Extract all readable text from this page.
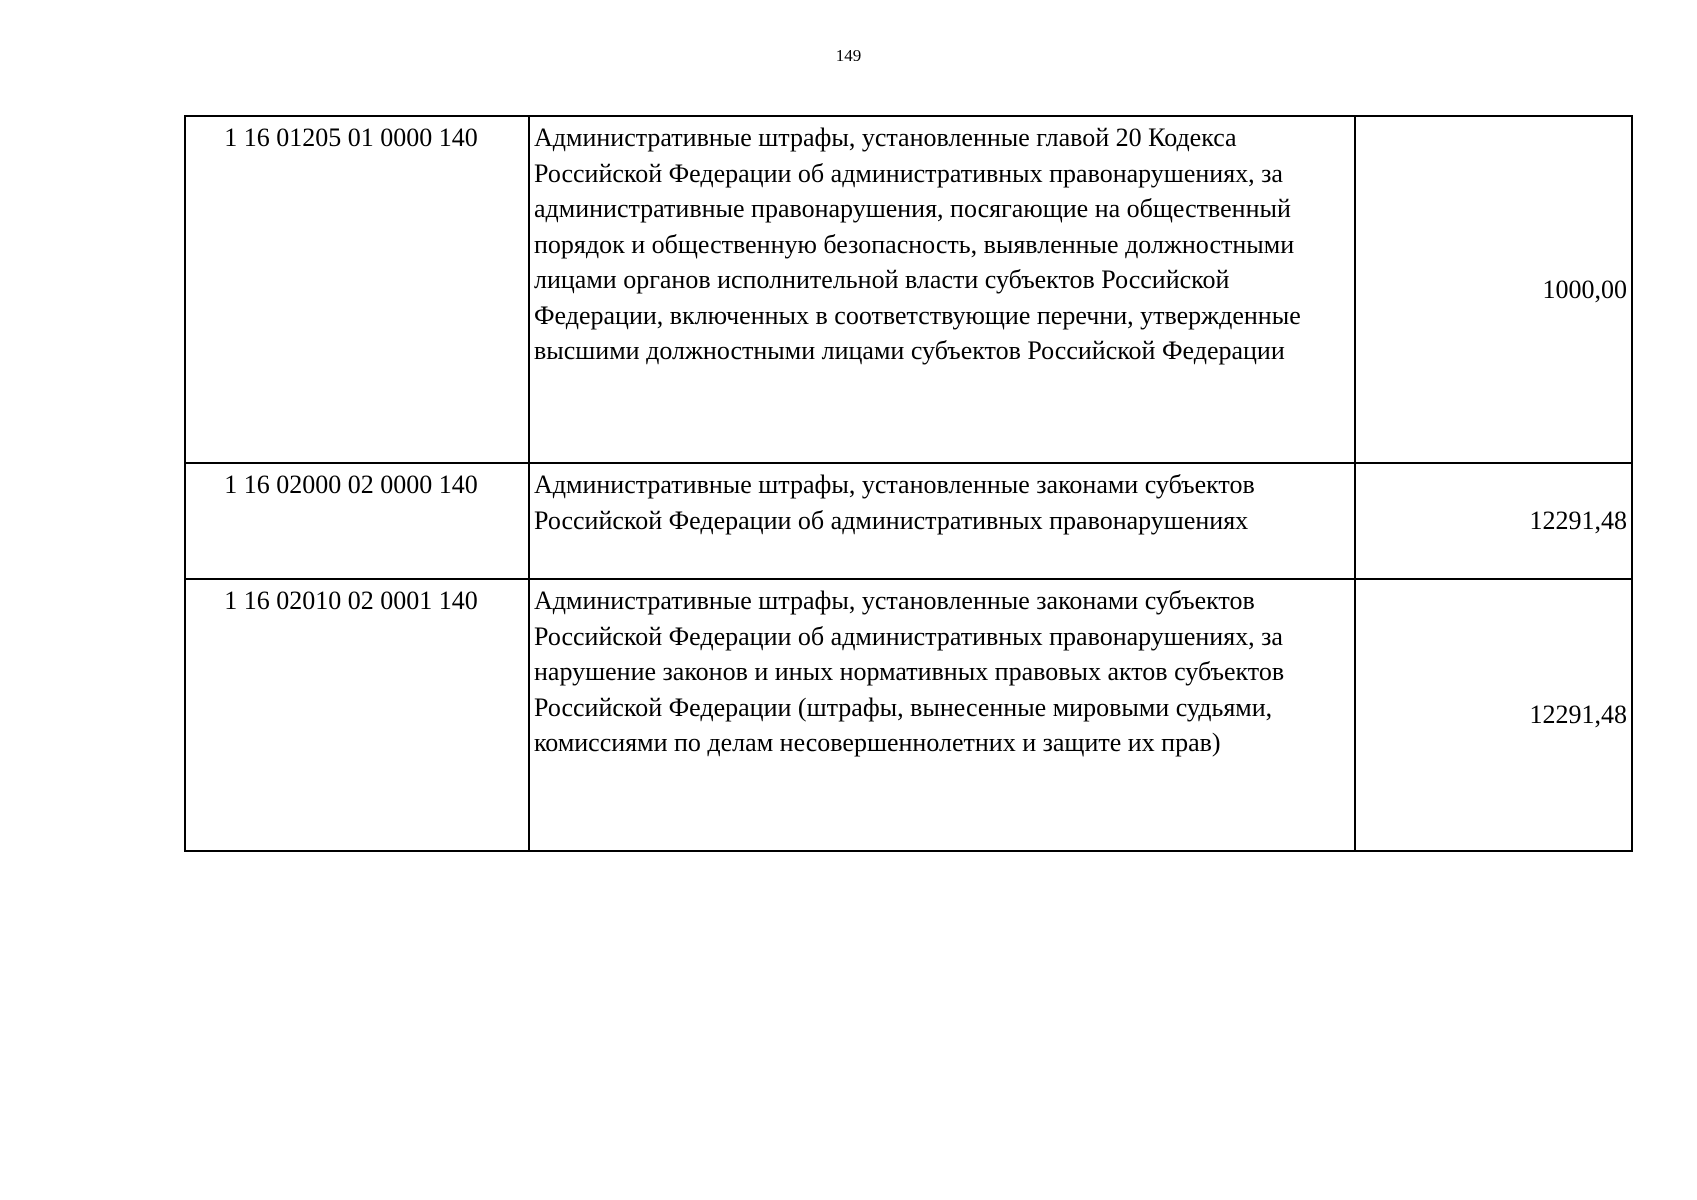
149
1 16 01205 01 0000 140	Административные штрафы, установленные главой 20 Кодекса Российской Федерации об административных правонарушениях, за административные правонарушения, посягающие на общественный порядок и общественную безопасность, выявленные должностными лицами органов исполнительной власти субъектов Российской Федерации, включенных в соответствующие перечни, утвержденные высшими должностными лицами субъектов Российской Федерации	1000,00
1 16 02000 02 0000 140	Административные штрафы, установленные законами субъектов Российской Федерации об административных правонарушениях	12291,48
1 16 02010 02 0001 140	Административные штрафы, установленные законами субъектов Российской Федерации об административных правонарушениях, за нарушение законов и иных нормативных правовых актов субъектов Российской Федерации (штрафы, вынесенные мировыми судьями, комиссиями по делам несовершеннолетних и защите их прав)	12291,48
